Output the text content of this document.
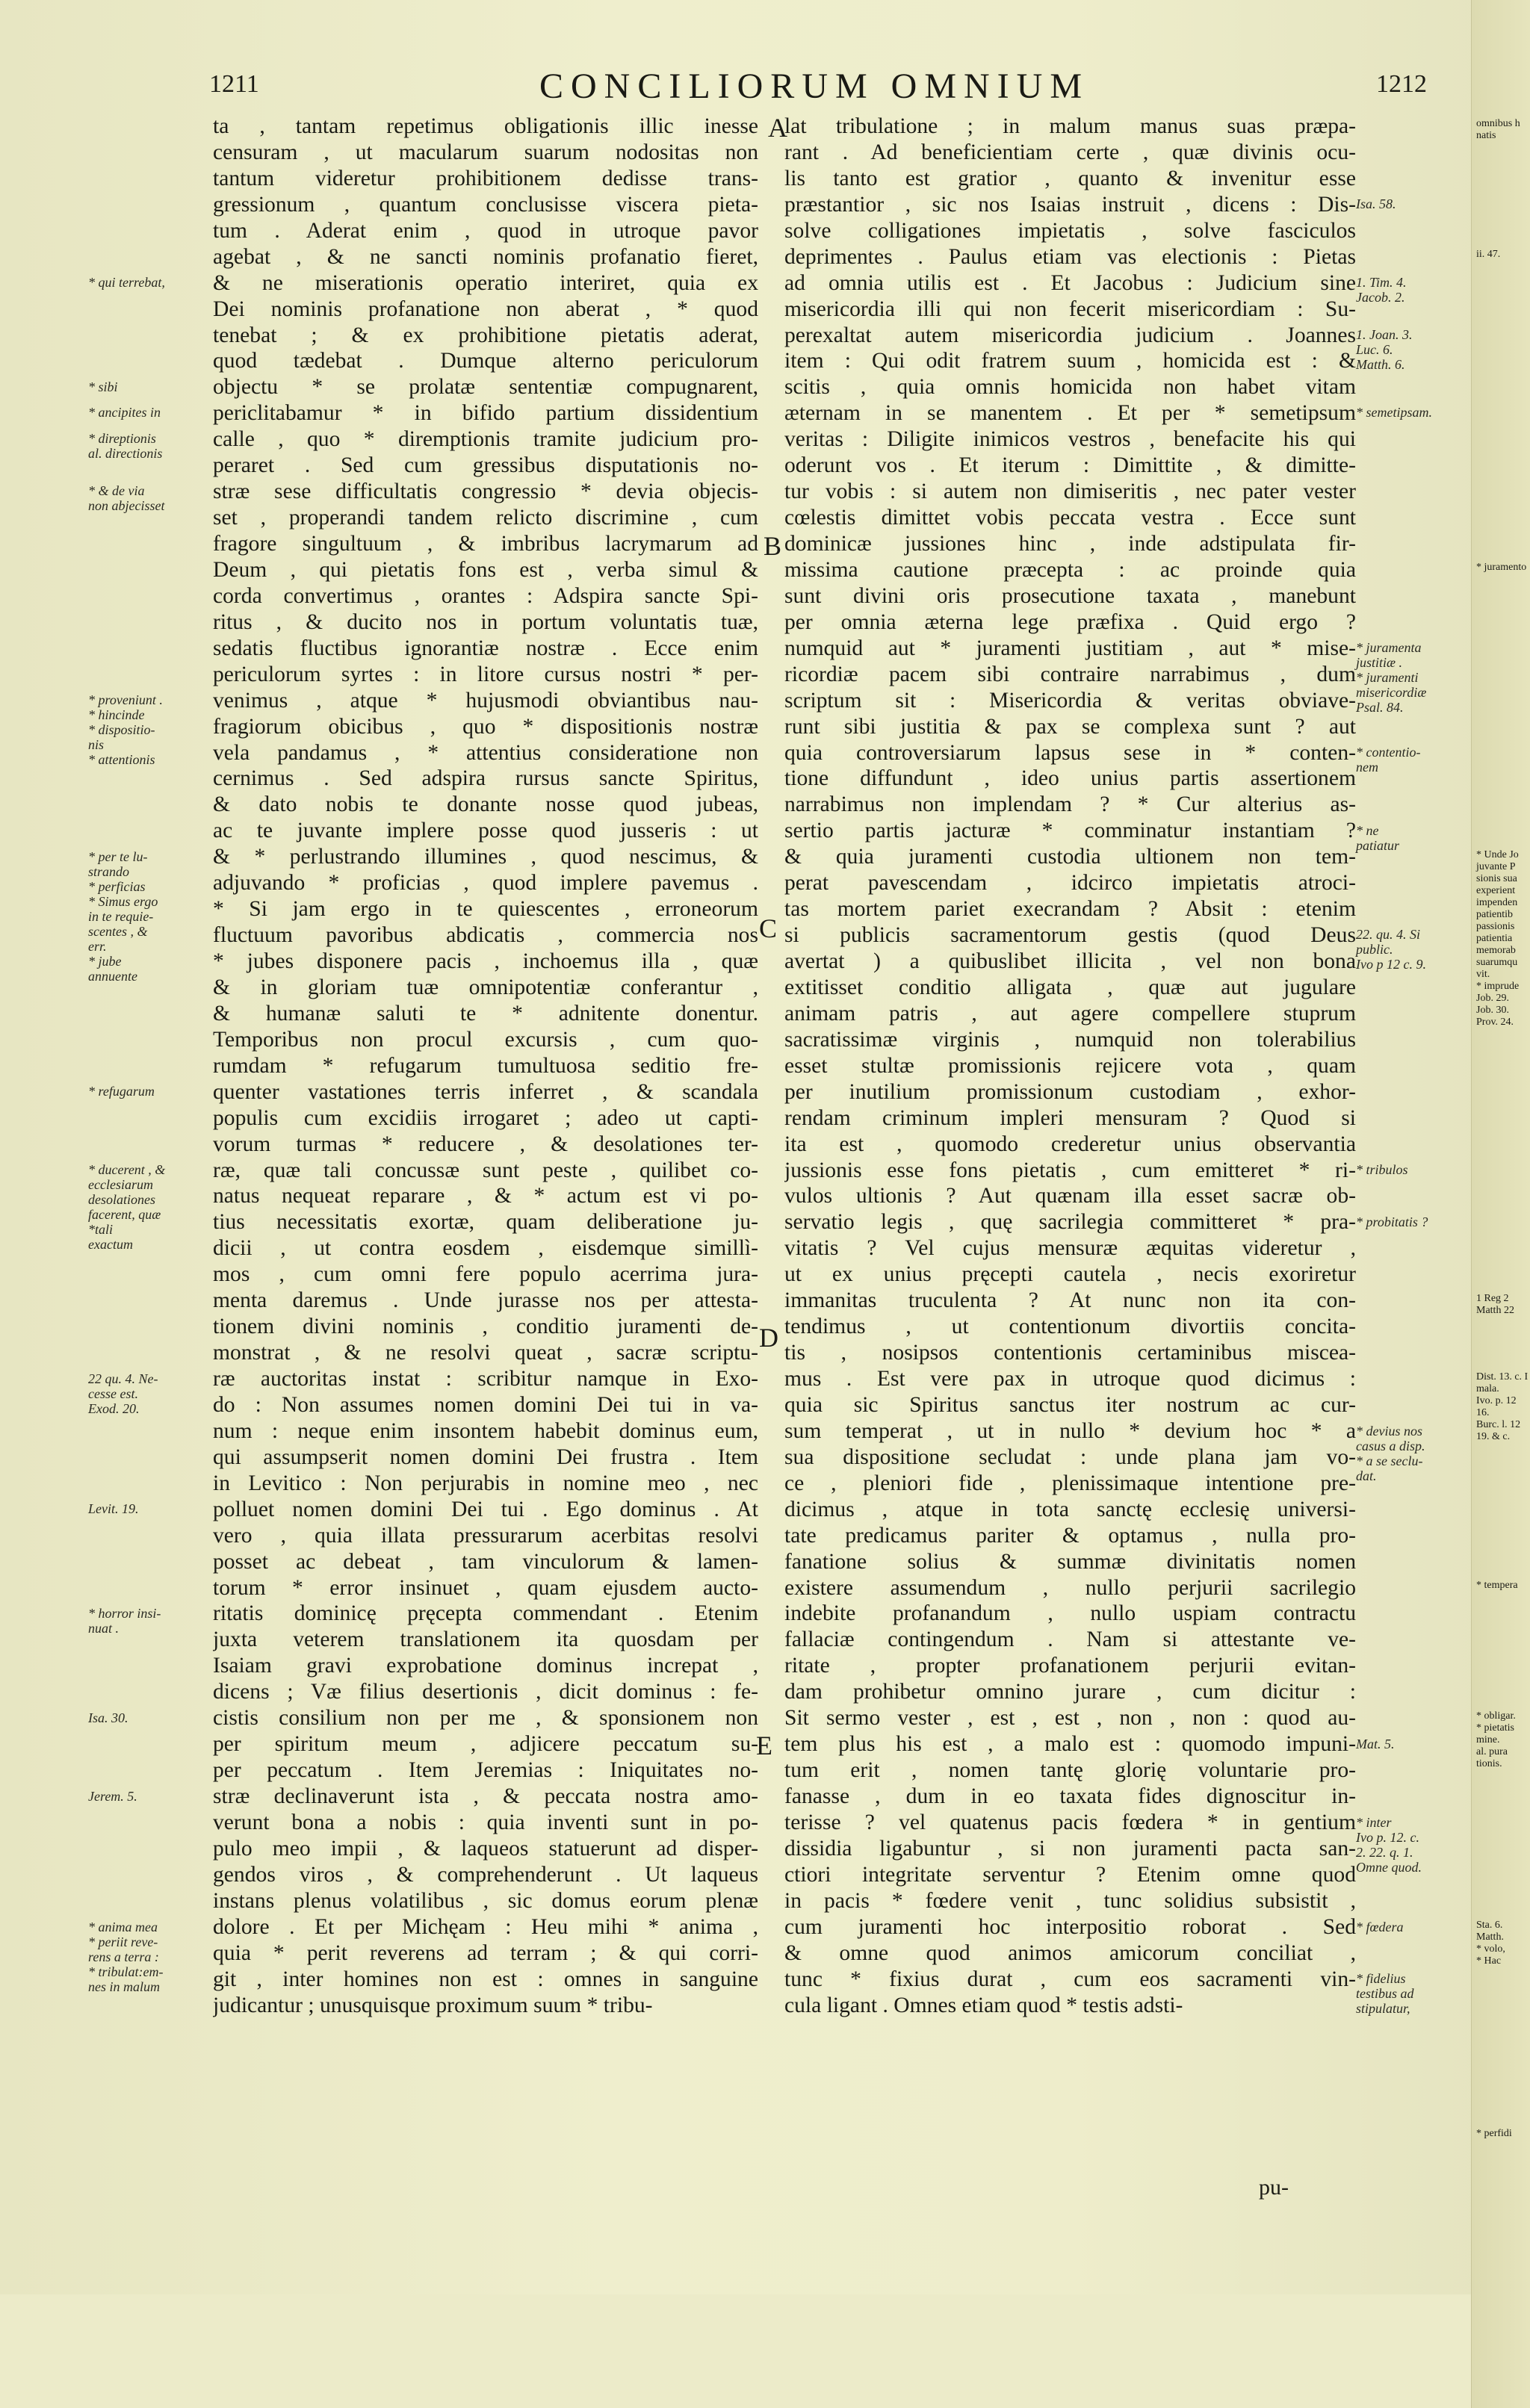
1211	CONCILIORUM OMNIUM	1212
* qui terrebat,
* sibi
* ancipites in
* direptionis
al. directionis
* & de via
non abjecisset
* proveniunt .
* hincinde
* dispositio-
nis
* attentionis
* per te lu-
strando
* perficias
* Simus ergo
in te requie-
scentes , &
err.
* jube
annuente
* refugarum
* ducerent , &
ecclesiarum
desolationes
facerent, quæ
*tali
exactum
22 qu. 4. Ne-
cesse est.
Exod. 20.
Levit. 19.
* horror insi-
nuat .
Isa. 30.
Jerem. 5.
* anima mea
* periit reve-
rens a terra :
* tribulat:em-
nes in malum
ta , tantam repetimus obligationis illic inesse
censuram , ut macularum suarum nodositas non
tantum videretur prohibitionem dedisse trans-
gressionum , quantum conclusisse viscera pieta-
tum . Aderat enim , quod in utroque pavor
agebat , & ne sancti nominis profanatio fieret,
& ne miserationis operatio interiret, quia ex
Dei nominis profanatione non aberat , * quod
tenebat ; & ex prohibitione pietatis aderat,
quod tædebat . Dumque alterno periculorum
objectu * se prolatæ sententiæ compugnarent,
periclitabamur * in bifido partium dissidentium
calle , quo * diremptionis tramite judicium pro-
peraret . Sed cum gressibus disputationis no-
stræ sese difficultatis congressio * devia objecis-
set , properandi tandem relicto discrimine , cum
fragore singultuum , & imbribus lacrymarum ad
Deum , qui pietatis fons est , verba simul &
corda convertimus , orantes : Adspira sancte Spi-
ritus , & ducito nos in portum voluntatis tuæ,
sedatis fluctibus ignorantiæ nostræ . Ecce enim
periculorum syrtes : in litore cursus nostri * per-
venimus , atque * hujusmodi obviantibus nau-
fragiorum obicibus , quo * dispositionis nostræ
vela pandamus , * attentius consideratione non
cernimus . Sed adspira rursus sancte Spiritus,
& dato nobis te donante nosse quod jubeas,
ac te juvante implere posse quod jusseris : ut
& * perlustrando illumines , quod nescimus, &
adjuvando * proficias , quod implere pavemus .
* Si jam ergo in te quiescentes , erroneorum
fluctuum pavoribus abdicatis , commercia nos
* jubes disponere pacis , inchoemus illa , quæ
& in gloriam tuæ omnipotentiæ conferantur ,
& humanæ saluti te * adnitente donentur.
Temporibus non procul excursis , cum quo-
rumdam * refugarum tumultuosa seditio fre-
quenter vastationes terris inferret , & scandala
populis cum excidiis irrogaret ; adeo ut capti-
vorum turmas * reducere , & desolationes ter-
ræ, quæ tali concussæ sunt peste , quilibet co-
natus nequeat reparare , & * actum est vi po-
tius necessitatis exortæ, quam deliberatione ju-
dicii , ut contra eosdem , eisdemque simillì-
mos , cum omni fere populo acerrima jura-
menta daremus . Unde jurasse nos per attesta-
tionem divini nominis , conditio juramenti de-
monstrat , & ne resolvi queat , sacræ scriptu-
ræ auctoritas instat : scribitur namque in Exo-
do : Non assumes nomen domini Dei tui in va-
num : neque enim insontem habebit dominus eum,
qui assumpserit nomen domini Dei frustra . Item
in Levitico : Non perjurabis in nomine meo , nec
polluet nomen domini Dei tui . Ego dominus . At
vero , quia illata pressurarum acerbitas resolvi
posset ac debeat , tam vinculorum & lamen-
torum * error insinuet , quam ejusdem aucto-
ritatis dominicę pręcepta commendant . Etenim
juxta veterem translationem ita quosdam per
Isaiam gravi exprobatione dominus increpat ,
dicens ; Væ filius desertionis , dicit dominus : fe-
cistis consilium non per me , & sponsionem non
per spiritum meum , adjicere peccatum su-
per peccatum . Item Jeremias : Iniquitates no-
stræ declinaverunt ista , & peccata nostra amo-
verunt bona a nobis : quia inventi sunt in po-
pulo meo impii , & laqueos statuerunt ad disper-
gendos viros , & comprehenderunt . Ut laqueus
instans plenus volatilibus , sic domus eorum plenæ
dolore . Et per Michęam : Heu mihi * anima ,
quia * perit reverens ad terram ; & qui corri-
git , inter homines non est : omnes in sanguine
judicantur ; unusquisque proximum suum * tribu-
A
B
C
D
E
lat tribulatione ; in malum manus suas præpa-
rant . Ad beneficientiam certe , quæ divinis ocu-
lis tanto est gratior , quanto & invenitur esse
præstantior , sic nos Isaias instruit , dicens : Dis-
solve colligationes impietatis , solve fasciculos
deprimentes . Paulus etiam vas electionis : Pietas
ad omnia utilis est . Et Jacobus : Judicium sine
misericordia illi qui non fecerit misericordiam : Su-
perexaltat autem misericordia judicium . Joannes
item : Qui odit fratrem suum , homicida est : &
scitis , quia omnis homicida non habet vitam
æternam in se manentem . Et per * semetipsum
veritas : Diligite inimicos vestros , benefacite his qui
oderunt vos . Et iterum : Dimittite , & dimitte-
tur vobis : si autem non dimiseritis , nec pater vester
cœlestis dimittet vobis peccata vestra . Ecce sunt
dominicæ jussiones hinc , inde adstipulata fir-
missima cautione præcepta : ac proinde quia
sunt divini oris prosecutione taxata , manebunt
per omnia æterna lege præfixa . Quid ergo ?
numquid aut * juramenti justitiam , aut * mise-
ricordiæ pacem sibi contraire narrabimus , dum
scriptum sit : Misericordia & veritas obviave-
runt sibi justitia & pax se complexa sunt ? aut
quia controversiarum lapsus sese in * conten-
tione diffundunt , ideo unius partis assertionem
narrabimus non implendam ? * Cur alterius as-
sertio partis jacturæ * comminatur instantiam ?
& quia juramenti custodia ultionem non tem-
perat pavescendam , idcirco impietatis atroci-
tas mortem pariet execrandam ? Absit : etenim
si publicis sacramentorum gestis (quod Deus
avertat ) a quibuslibet illicita , vel non bona
extitisset conditio alligata , quæ aut jugulare
animam patris , aut agere compellere stuprum
sacratissimæ virginis , numquid non tolerabilius
esset stultæ promissionis rejicere vota , quam
per inutilium promissionum custodiam , exhor-
rendam criminum impleri mensuram ? Quod si
ita est , quomodo crederetur unius observantia
jussionis esse fons pietatis , cum emitteret * ri-
vulos ultionis ? Aut quænam illa esset sacræ ob-
servatio legis , quę sacrilegia committeret * pra-
vitatis ? Vel cujus mensuræ æquitas videretur ,
ut ex unius pręcepti cautela , necis exoriretur
immanitas truculenta ? At nunc non ita con-
tendimus , ut contentionum divortiis concita-
tis , nosipsos contentionis certaminibus miscea-
mus . Est vere pax in utroque quod dicimus :
quia sic Spiritus sanctus iter nostrum ac cur-
sum temperat , ut in nullo * devium hoc * a
sua dispositione secludat : unde plana jam vo-
ce , pleniori fide , plenissimaque intentione pre-
dicimus , atque in tota sanctę ecclesię universi-
tate predicamus pariter & optamus , nulla pro-
fanatione solius & summæ divinitatis nomen
existere assumendum , nullo perjurii sacrilegio
indebite profanandum , nullo uspiam contractu
fallaciæ contingendum . Nam si attestante ve-
ritate , propter profanationem perjurii evitan-
dam prohibetur omnino jurare , cum dicitur :
Sit sermo vester , est , est , non , non : quod au-
tem plus his est , a malo est : quomodo impuni-
tum erit , nomen tantę glorię voluntarie pro-
fanasse , dum in eo taxata fides dignoscitur in-
terisse ? vel quatenus pacis fœdera * in gentium
dissidia ligabuntur , si non juramenti pacta san-
ctiori integritate serventur ? Etenim omne quod
in pacis * fœdere venit , tunc solidius subsistit ,
cum juramenti hoc interpositio roborat . Sed
& omne quod animos amicorum conciliat ,
tunc * fixius durat , cum eos sacramenti vin-
cula ligant . Omnes etiam quod * testis adsti-
Isa. 58.
1. Tim. 4.
Jacob. 2.
1. Joan. 3.
Luc. 6.
Matth. 6.
* semetipsam.
* juramenta
justitiæ .
* juramenti
misericordiæ
Psal. 84.
* contentio-
nem
* ne
patiatur
22. qu. 4. Si
public.
Ivo p 12 c. 9.
* tribulos
* probitatis ?
* devius nos
casus a disp.
* a se seclu-
dat.
Mat. 5.
* inter
Ivo p. 12. c.
2. 22. q. 1.
Omne quod.
* fœdera
* fidelius
testibus ad
stipulatur,
pu-
omnibus h
natis
ii. 47.
* juramento
* Unde Jo
juvante P
sionis sua
experient
impenden
patientib
passionis
patientia
memorab
suarumqu
vit.
* imprude
Job. 29.
Job. 30.
Prov. 24.
1 Reg 2
Matth 22
Dist. 13. c. I
mala.
Ivo. p. 12
16.
Burc. l. 12
19. & c.
* tempera
* obligar.
* pietatis
mine.
al. pura
tionis.
Sta. 6.
Matth.
* volo,
* Hac
* perfidi
